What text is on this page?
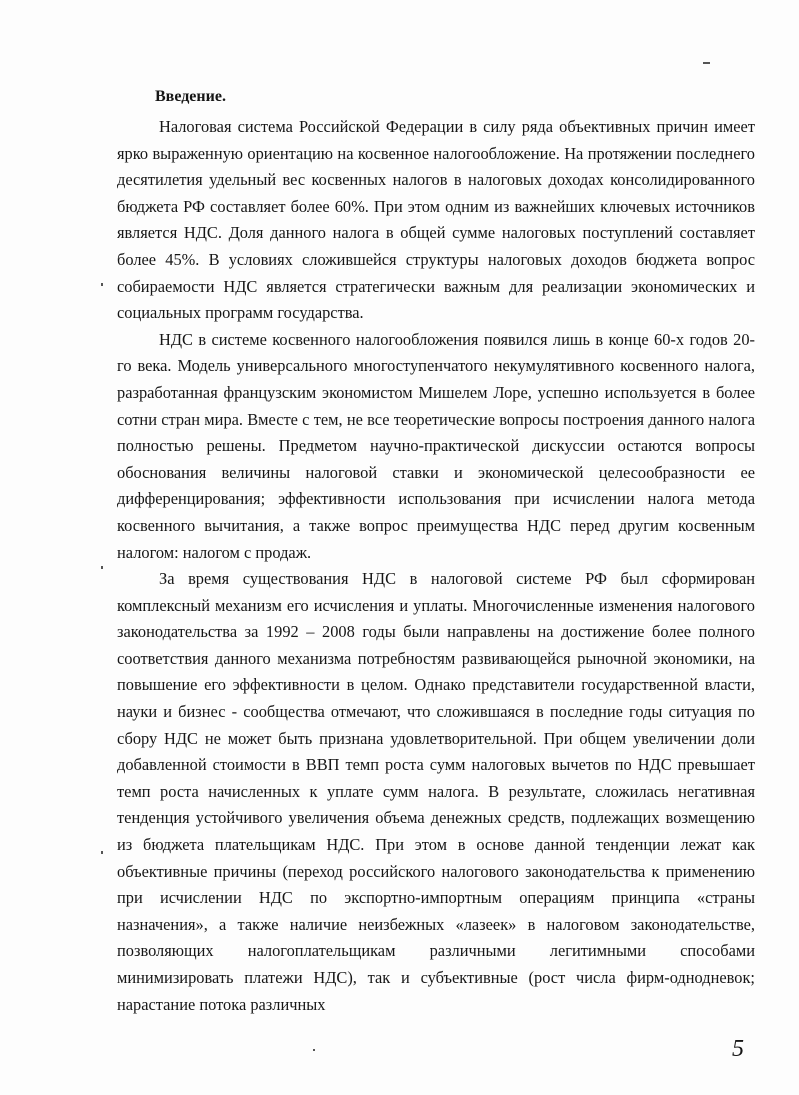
Введение.

Налоговая система Российской Федерации в силу ряда объективных причин имеет ярко выраженную ориентацию на косвенное налогообложение. На протяжении последнего десятилетия удельный вес косвенных налогов в налоговых доходах консолидированного бюджета РФ составляет более 60%. При этом одним из важнейших ключевых источников является НДС. Доля данного налога в общей сумме налоговых поступлений составляет более 45%. В условиях сложившейся структуры налоговых доходов бюджета вопрос собираемости НДС является стратегически важным для реализации экономических и социальных программ государства.

НДС в системе косвенного налогообложения появился лишь в конце 60-х годов 20-го века. Модель универсального многоступенчатого некумулятивного косвенного налога, разработанная французским экономистом Мишелем Лоре, успешно используется в более сотни стран мира. Вместе с тем, не все теоретические вопросы построения данного налога полностью решены. Предметом научно-практической дискуссии остаются вопросы обоснования величины налоговой ставки и экономической целесообразности ее дифференцирования; эффективности использования при исчислении налога метода косвенного вычитания, а также вопрос преимущества НДС перед другим косвенным налогом: налогом с продаж.

За время существования НДС в налоговой системе РФ был сформирован комплексный механизм его исчисления и уплаты. Многочисленные изменения налогового законодательства за 1992 – 2008 годы были направлены на достижение более полного соответствия данного механизма потребностям развивающейся рыночной экономики, на повышение его эффективности в целом. Однако представители государственной власти, науки и бизнес - сообщества отмечают, что сложившаяся в последние годы ситуация по сбору НДС не может быть признана удовлетворительной. При общем увеличении доли добавленной стоимости в ВВП темп роста сумм налоговых вычетов по НДС превышает темп роста начисленных к уплате сумм налога. В результате, сложилась негативная тенденция устойчивого увеличения объема денежных средств, подлежащих возмещению из бюджета плательщикам НДС. При этом в основе данной тенденции лежат как объективные причины (переход российского налогового законодательства к применению при исчислении НДС по экспортно-импортным операциям принципа «страны назначения», а также наличие неизбежных «лазеек» в налоговом законодательстве, позволяющих налогоплательщикам различными легитимными способами минимизировать платежи НДС), так и субъективные (рост числа фирм-однодневок; нарастание потока различных

5
